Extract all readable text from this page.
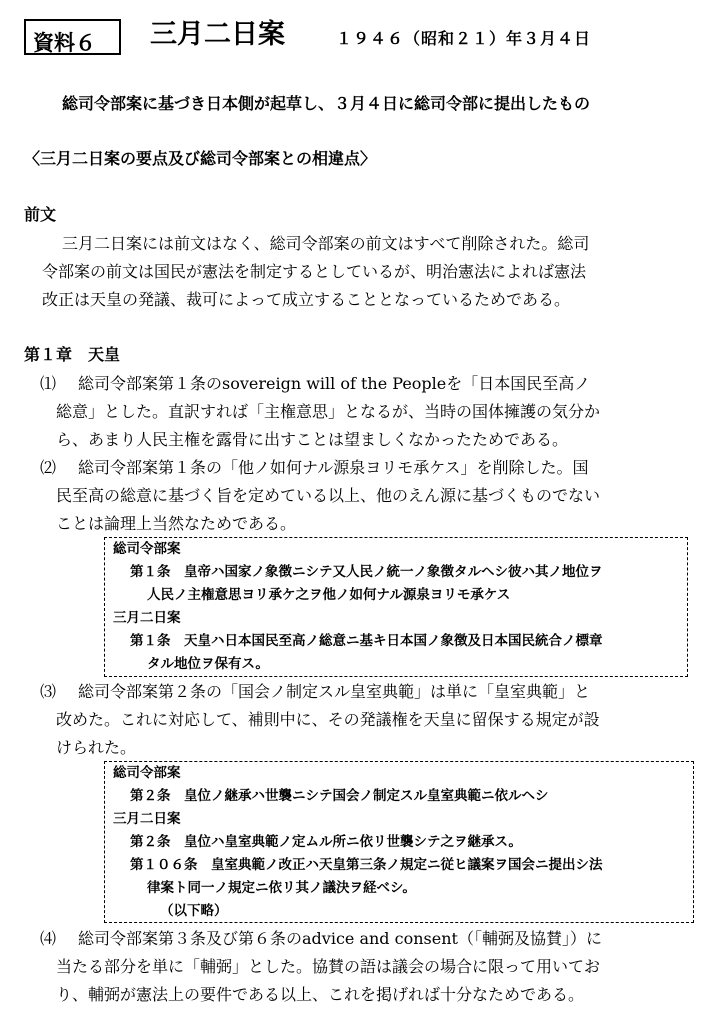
資料６ 三月二日案	１９４６（昭和２１）年３月４日
総司令部案に基づき日本側が起草し、３月４日に総司令部に提出したもの
〈三月二日案の要点及び総司令部案との相違点〉
前文
三月二日案には前文はなく、総司令部案の前文はすべて削除された。総司
令部案の前文は国民が憲法を制定するとしているが、明治憲法によれば憲法
改正は天皇の発議、裁可によって成立することとなっているためである。
第１章　天皇
⑴ 総司令部案第１条のsovereign will of the Peopleを「日本国民至高ノ
総意」とした。直訳すれば「主権意思」となるが、当時の国体擁護の気分か
ら、あまり人民主権を露骨に出すことは望ましくなかったためである。
⑵ 総司令部案第１条の「他ノ如何ナル源泉ヨリモ承ケス」を削除した。国
民至高の総意に基づく旨を定めている以上、他のえん源に基づくものでない
ことは論理上当然なためである。
総司令部案
第１条　皇帝ハ国家ノ象徴ニシテ又人民ノ統一ノ象徴タルヘシ彼ハ其ノ地位ヲ
人民ノ主権意思ヨリ承ケ之ヲ他ノ如何ナル源泉ヨリモ承ケス
三月二日案
第１条　天皇ハ日本国民至高ノ総意ニ基キ日本国ノ象徴及日本国民統合ノ標章
タル地位ヲ保有ス。
⑶ 総司令部案第２条の「国会ノ制定スル皇室典範」は単に「皇室典範」と
改めた。これに対応して、補則中に、その発議権を天皇に留保する規定が設
けられた。
総司令部案
第２条　皇位ノ継承ハ世襲ニシテ国会ノ制定スル皇室典範ニ依ルヘシ
三月二日案
第２条　皇位ハ皇室典範ノ定ムル所ニ依リ世襲シテ之ヲ継承ス。
第１０６条　皇室典範ノ改正ハ天皇第三条ノ規定ニ従ヒ議案ヲ国会ニ提出シ法
律案ト同一ノ規定ニ依リ其ノ議決ヲ経ベシ。
（以下略）
⑷ 総司令部案第３条及び第６条のadvice and consent（「輔弼及協賛」）に
当たる部分を単に「輔弼」とした。協賛の語は議会の場合に限って用いてお
り、輔弼が憲法上の要件である以上、これを掲げれば十分なためである。
